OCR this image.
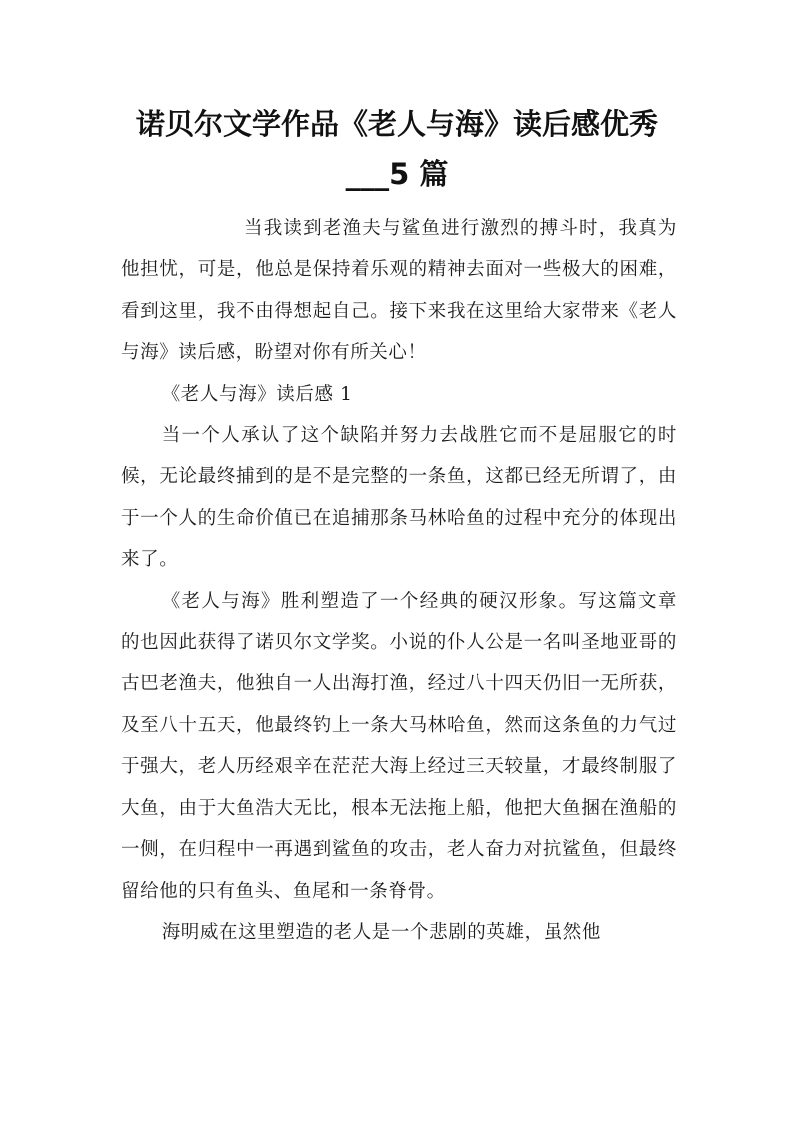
诺贝尔文学作品《老人与海》读后感优秀
___5 篇

当我读到老渔夫与鲨鱼进行激烈的搏斗时，我真为他担忧，可是，他总是保持着乐观的精神去面对一些极大的困难，看到这里，我不由得想起自己。接下来我在这里给大家带来《老人与海》读后感，盼望对你有所关心！

《老人与海》读后感 1

当一个人承认了这个缺陷并努力去战胜它而不是屈服它的时候，无论最终捕到的是不是完整的一条鱼，这都已经无所谓了，由于一个人的生命价值已在追捕那条马林哈鱼的过程中充分的体现出来了。

《老人与海》胜利塑造了一个经典的硬汉形象。写这篇文章的也因此获得了诺贝尔文学奖。小说的仆人公是一名叫圣地亚哥的古巴老渔夫，他独自一人出海打渔，经过八十四天仍旧一无所获，及至八十五天，他最终钓上一条大马林哈鱼，然而这条鱼的力气过于强大，老人历经艰辛在茫茫大海上经过三天较量，才最终制服了大鱼，由于大鱼浩大无比，根本无法拖上船，他把大鱼捆在渔船的一侧，在归程中一再遇到鲨鱼的攻击，老人奋力对抗鲨鱼，但最终留给他的只有鱼头、鱼尾和一条脊骨。

海明威在这里塑造的老人是一个悲剧的英雄，虽然他
